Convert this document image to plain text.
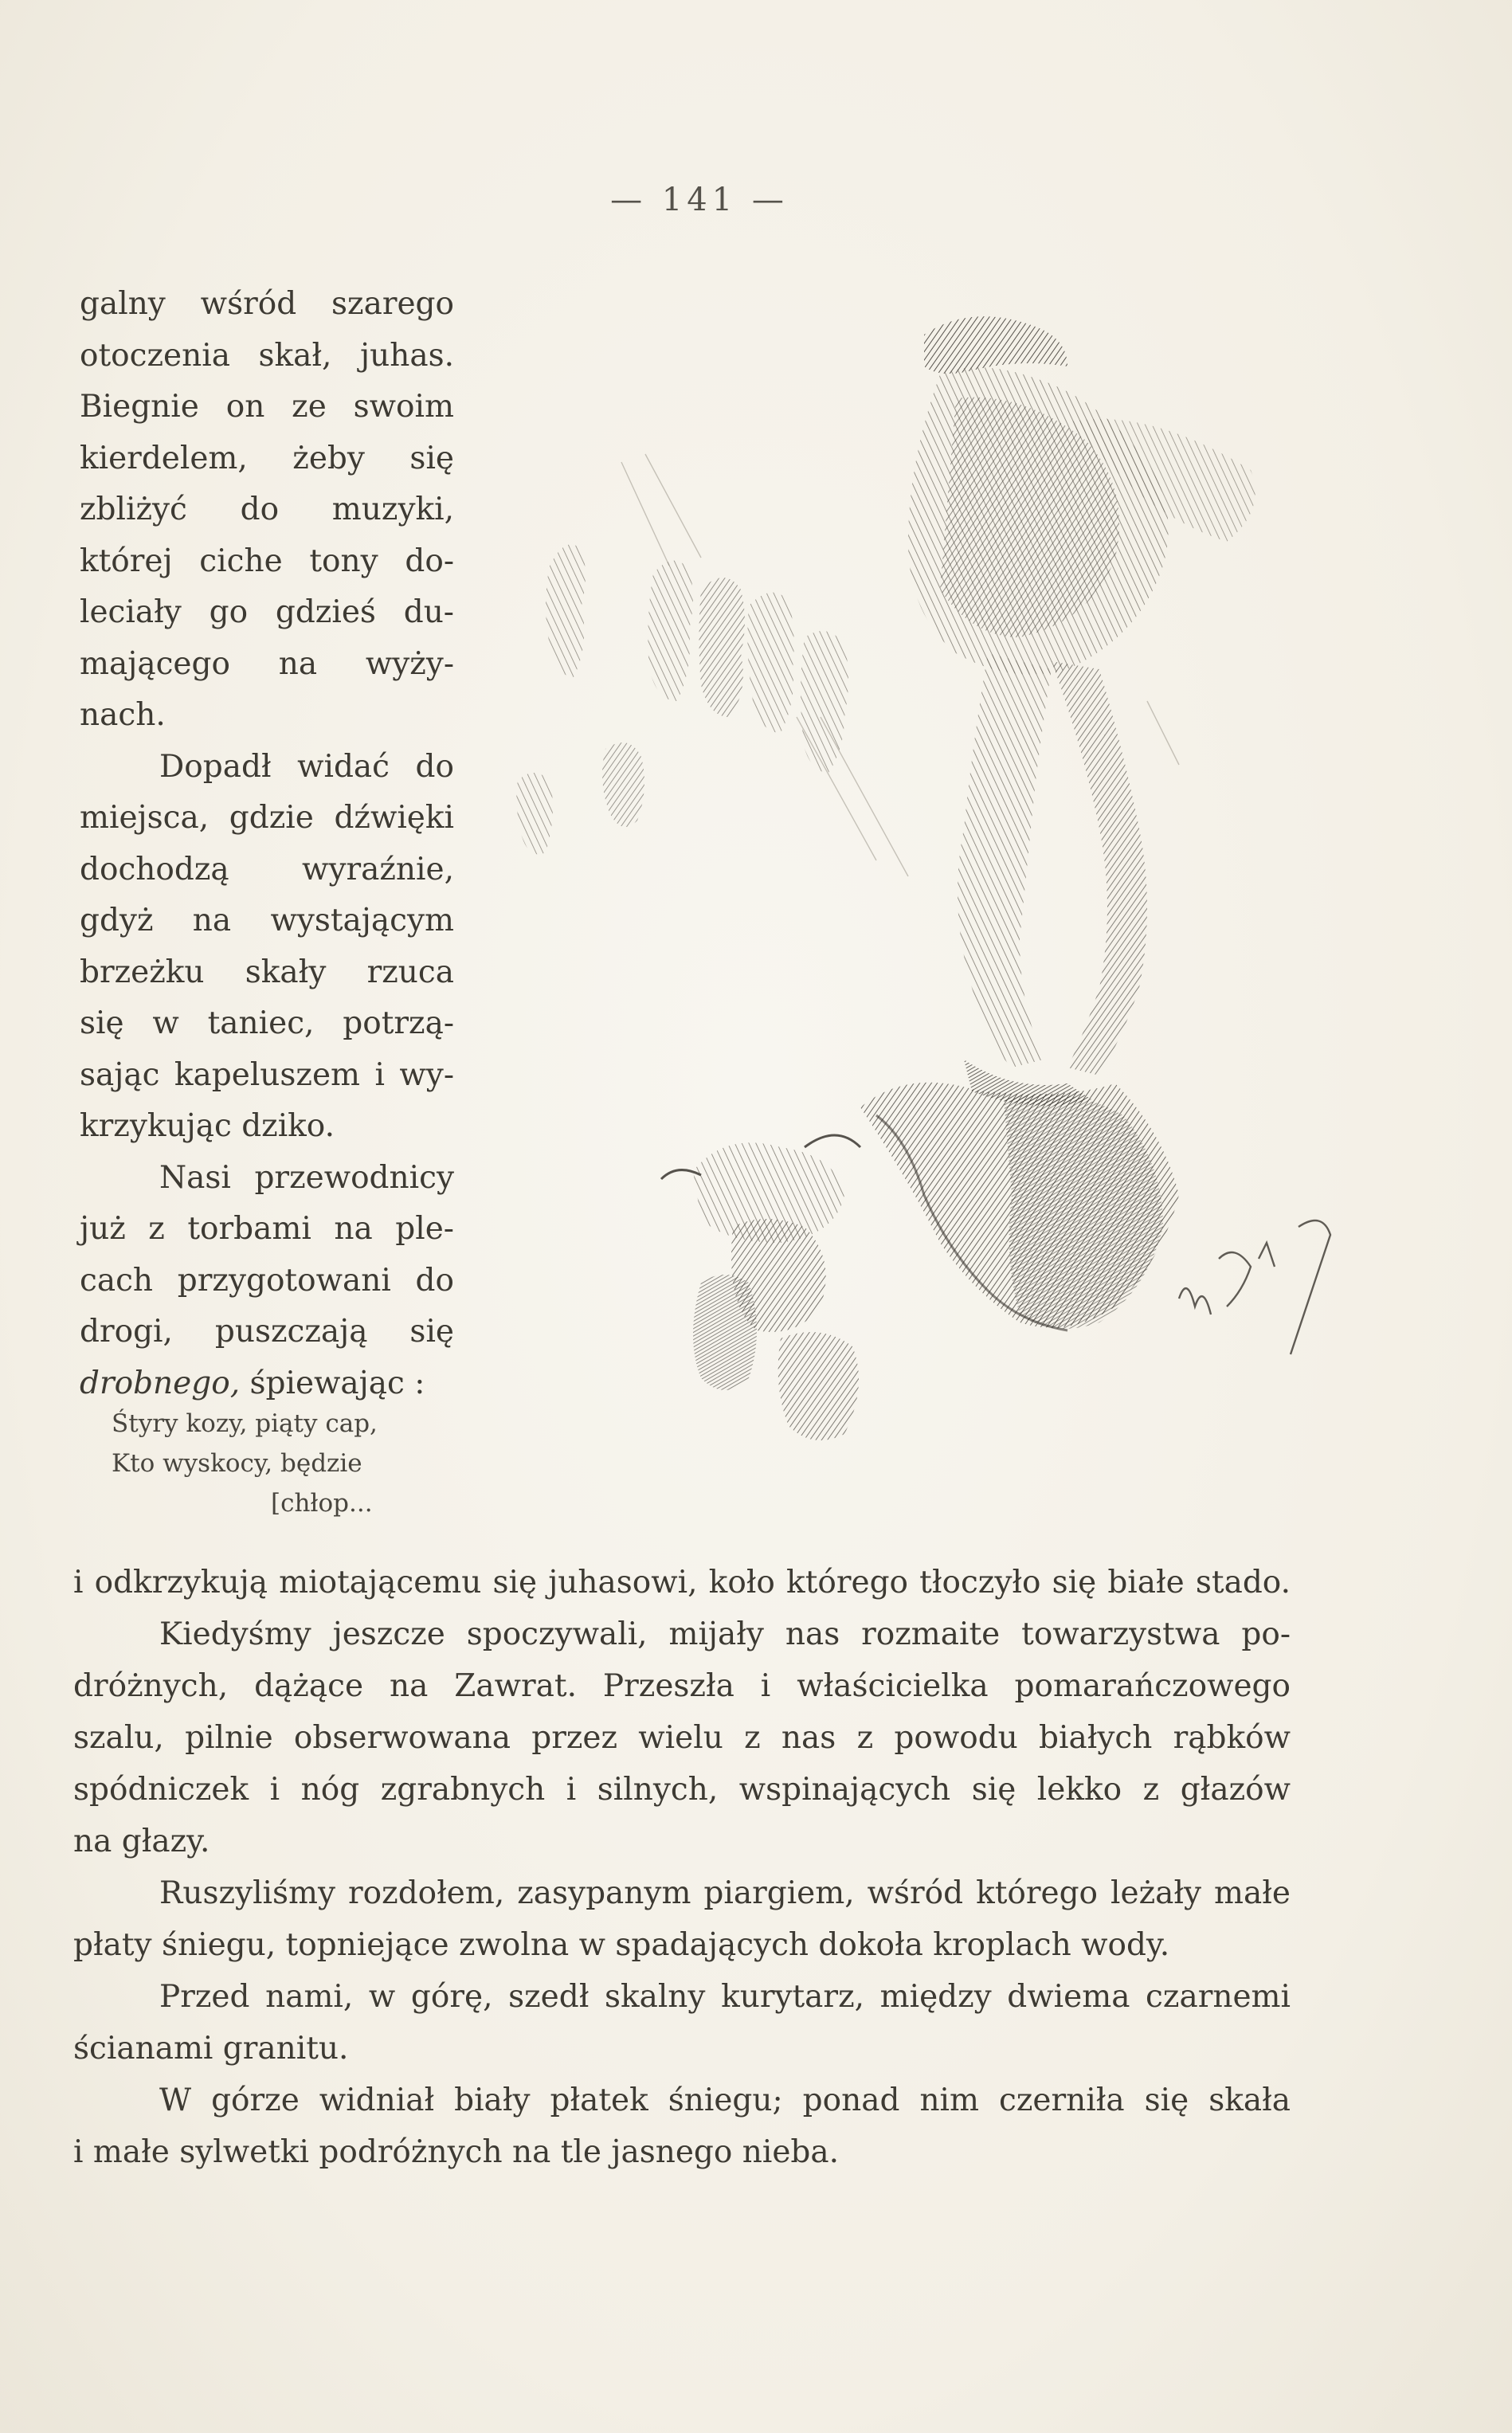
— 141 —
galny wśród szarego
otoczenia skał, juhas.
Biegnie on ze swoim
kierdelem, żeby się
zbliżyć do muzyki,
której ciche tony do-
leciały go gdzieś du-
mającego na wyży-
nach.
Dopadł widać do
miejsca, gdzie dźwięki
dochodzą wyraźnie,
gdyż na wystającym
brzeżku skały rzuca
się w taniec, potrzą-
sając kapeluszem i wy-
krzykując dziko.
Nasi przewodnicy
już z torbami na ple-
cach przygotowani do
drogi, puszczają się
drobnego, śpiewając :
Śtyry kozy, piąty cap,
Kto wyskocy, będzie
[chłop...
i odkrzykują miotającemu się juhasowi, koło którego tłoczyło się białe stado.
Kiedyśmy jeszcze spoczywali, mijały nas rozmaite towarzystwa po-
dróżnych, dążące na Zawrat. Przeszła i właścicielka pomarańczowego
szalu, pilnie obserwowana przez wielu z nas z powodu białych rąbków
spódniczek i nóg zgrabnych i silnych, wspinających się lekko z głazów
na głazy.
Ruszyliśmy rozdołem, zasypanym piargiem, wśród którego leżały małe
płaty śniegu, topniejące zwolna w spadających dokoła kroplach wody.
Przed nami, w górę, szedł skalny kurytarz, między dwiema czarnemi
ścianami granitu.
W górze widniał biały płatek śniegu; ponad nim czerniła się skała
i małe sylwetki podróżnych na tle jasnego nieba.
